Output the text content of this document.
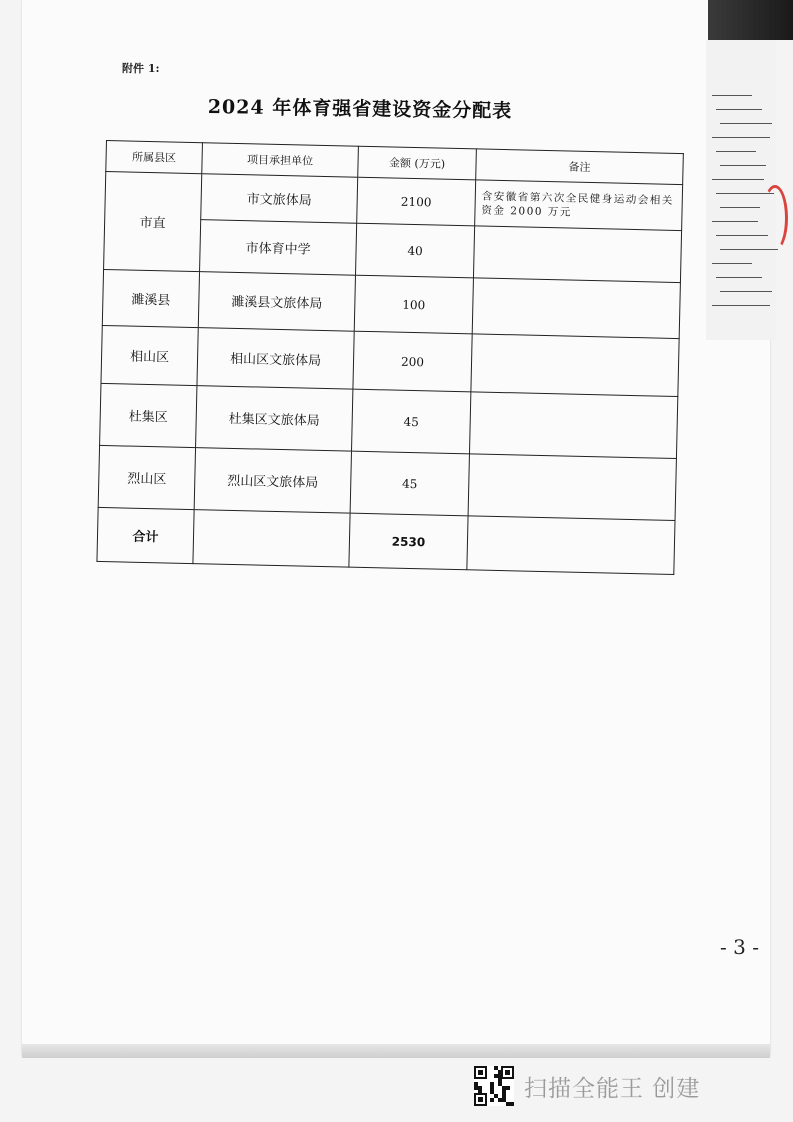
附件 1:
2024 年体育强省建设资金分配表
所属县区	项目承担单位	金额 (万元)	备注
市直	市文旅体局	2100	含安徽省第六次全民健身运动会相关资金 2000 万元
	市体育中学	40	
濉溪县	濉溪县文旅体局	100	
相山区	相山区文旅体局	200	
杜集区	杜集区文旅体局	45	
烈山区	烈山区文旅体局	45	
合计		2530	
- 3 -
扫描全能王 创建
